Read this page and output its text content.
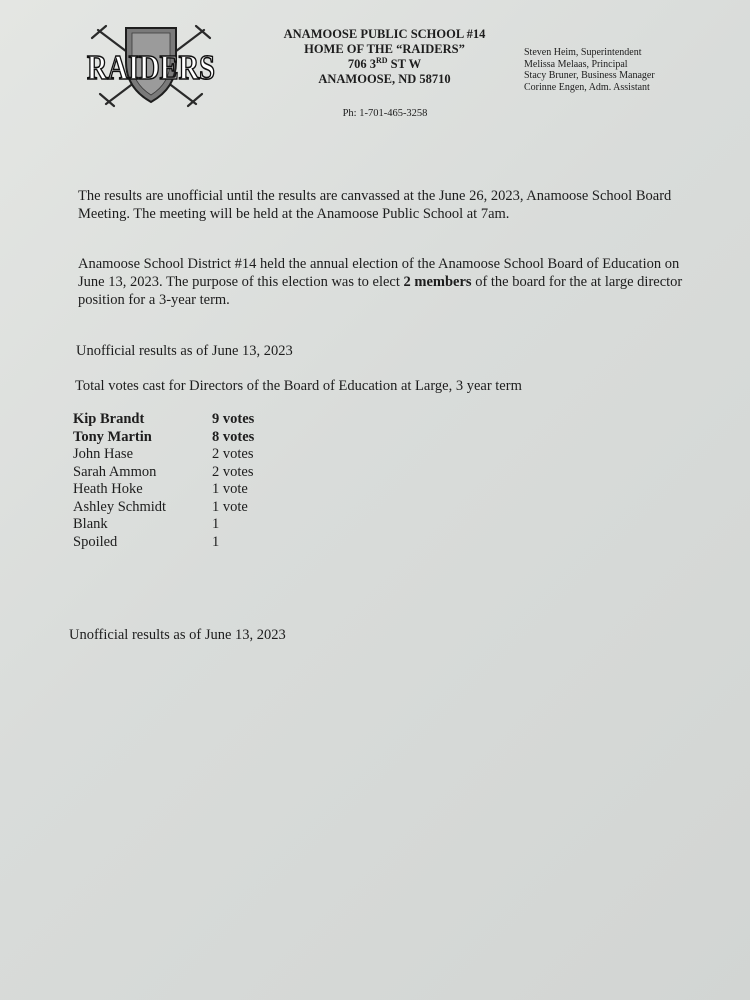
RAIDERS
ANAMOOSE PUBLIC SCHOOL #14
HOME OF THE “RAIDERS”
706 3RD ST W
ANAMOOSE, ND 58710
Ph: 1-701-465-3258
Steven Heim, Superintendent
Melissa Melaas, Principal
Stacy Bruner, Business Manager
Corinne Engen, Adm. Assistant
The results are unofficial until the results are canvassed at the June 26, 2023, Anamoose School Board Meeting. The meeting will be held at the Anamoose Public School at 7am.
Anamoose School District #14 held the annual election of the Anamoose School Board of Education on June 13, 2023. The purpose of this election was to elect 2 members of the board for the at large director position for a 3-year term.
Unofficial results as of June 13, 2023
Total votes cast for Directors of the Board of Education at Large, 3 year term
Kip Brandt	9 votes
Tony Martin	8 votes
John Hase	2 votes
Sarah Ammon	2 votes
Heath Hoke	1 vote
Ashley Schmidt	1 vote
Blank	1
Spoiled	1
Unofficial results as of June 13, 2023
